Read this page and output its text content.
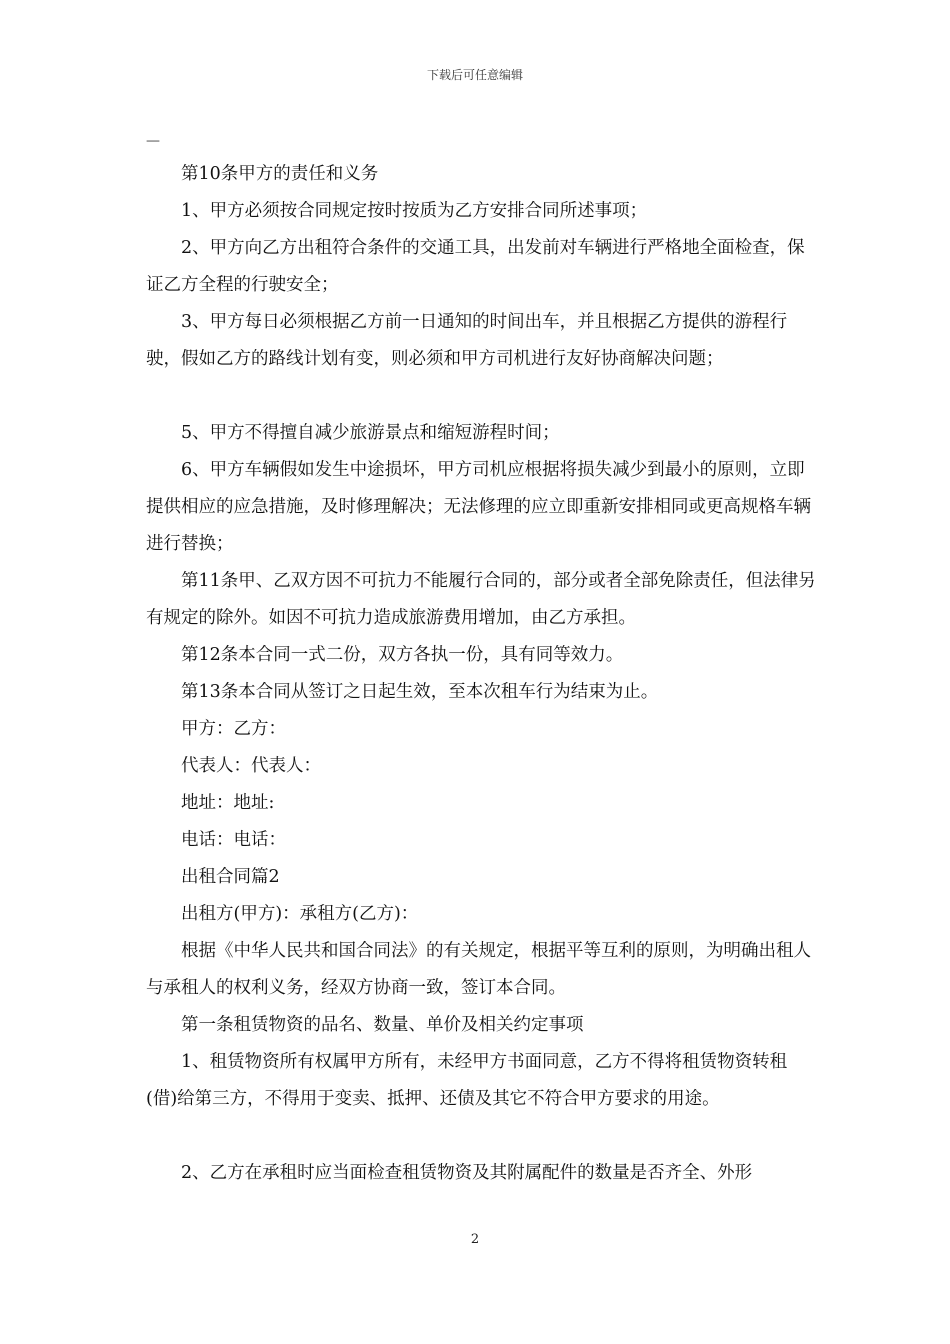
下载后可任意编辑
—

第10条甲方的责任和义务

1、甲方必须按合同规定按时按质为乙方安排合同所述事项；

2、甲方向乙方出租符合条件的交通工具，出发前对车辆进行严格地全面检查，保证乙方全程的行驶安全；

3、甲方每日必须根据乙方前一日通知的时间出车，并且根据乙方提供的游程行驶，假如乙方的路线计划有变，则必须和甲方司机进行友好协商解决问题；

5、甲方不得擅自减少旅游景点和缩短游程时间；

6、甲方车辆假如发生中途损坏，甲方司机应根据将损失减少到最小的原则，立即提供相应的应急措施，及时修理解决；无法修理的应立即重新安排相同或更高规格车辆进行替换；

第11条甲、乙双方因不可抗力不能履行合同的，部分或者全部免除责任，但法律另有规定的除外。如因不可抗力造成旅游费用增加，由乙方承担。

第12条本合同一式二份，双方各执一份，具有同等效力。

第13条本合同从签订之日起生效，至本次租车行为结束为止。

甲方：乙方：

代表人：代表人：

地址：地址:

电话：电话：

出租合同篇2

出租方(甲方)：承租方(乙方)：

根据《中华人民共和国合同法》的有关规定，根据平等互利的原则，为明确出租人与承租人的权利义务，经双方协商一致，签订本合同。

第一条租赁物资的品名、数量、单价及相关约定事项

1、租赁物资所有权属甲方所有，未经甲方书面同意，乙方不得将租赁物资转租(借)给第三方，不得用于变卖、抵押、还债及其它不符合甲方要求的用途。

2、乙方在承租时应当面检查租赁物资及其附属配件的数量是否齐全、外形

2
